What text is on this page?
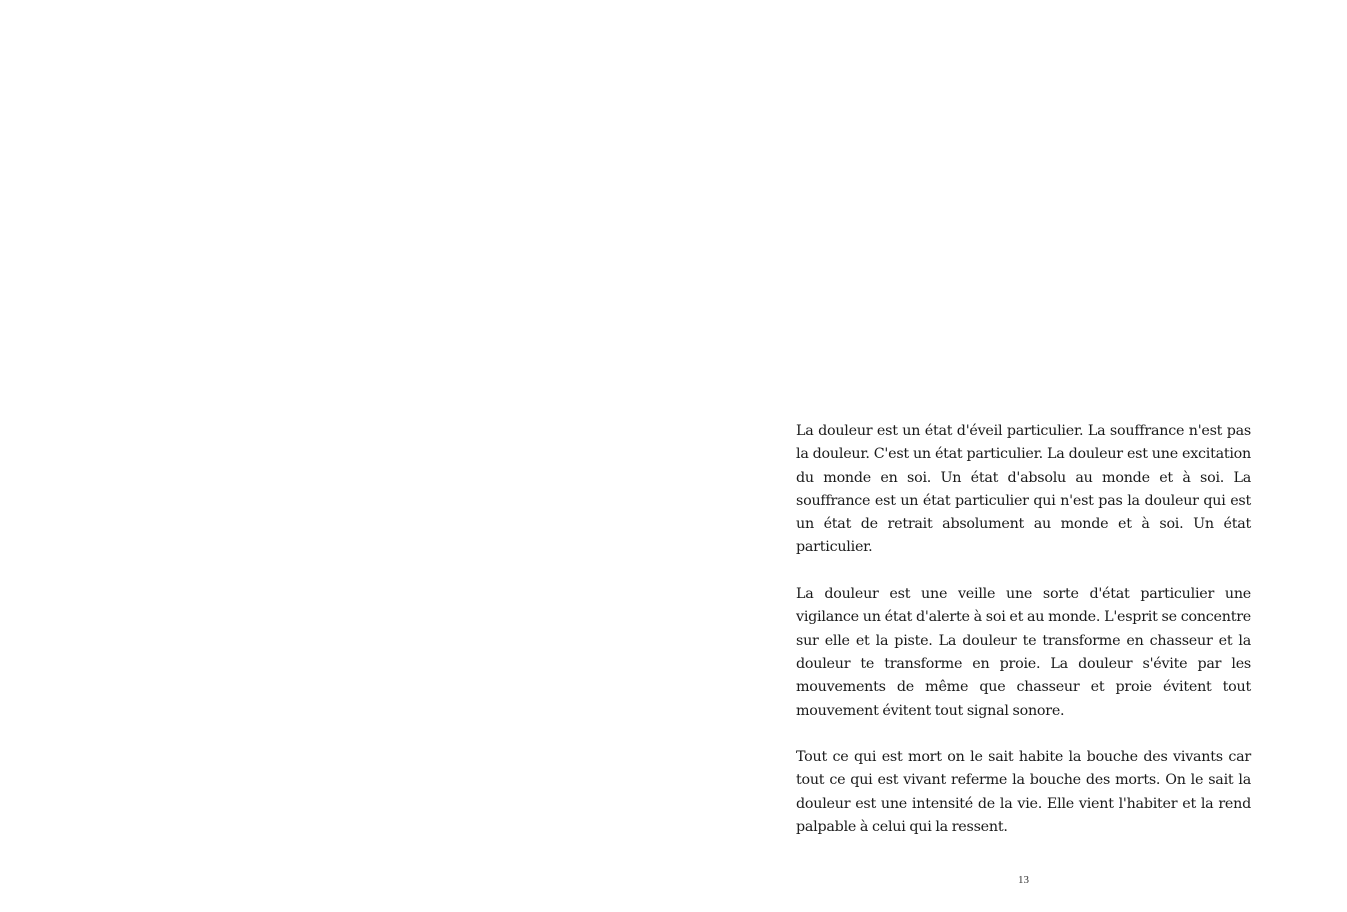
La douleur est un état d'éveil particulier. La souffrance n'est pas la douleur. C'est un état particulier. La douleur est une excitation du monde en soi. Un état d'absolu au monde et à soi. La souffrance est un état particulier qui n'est pas la douleur qui est un état de retrait absolument au monde et à soi. Un état particulier.

La douleur est une veille une sorte d'état particulier une vigilance un état d'alerte à soi et au monde. L'esprit se concentre sur elle et la piste. La douleur te transforme en chasseur et la douleur te transforme en proie. La douleur s'évite par les mouvements de même que chasseur et proie évitent tout mouvement évitent tout signal sonore.

Tout ce qui est mort on le sait habite la bouche des vivants car tout ce qui est vivant referme la bouche des morts. On le sait la douleur est une intensité de la vie. Elle vient l'habiter et la rend palpable à celui qui la ressent.

13
